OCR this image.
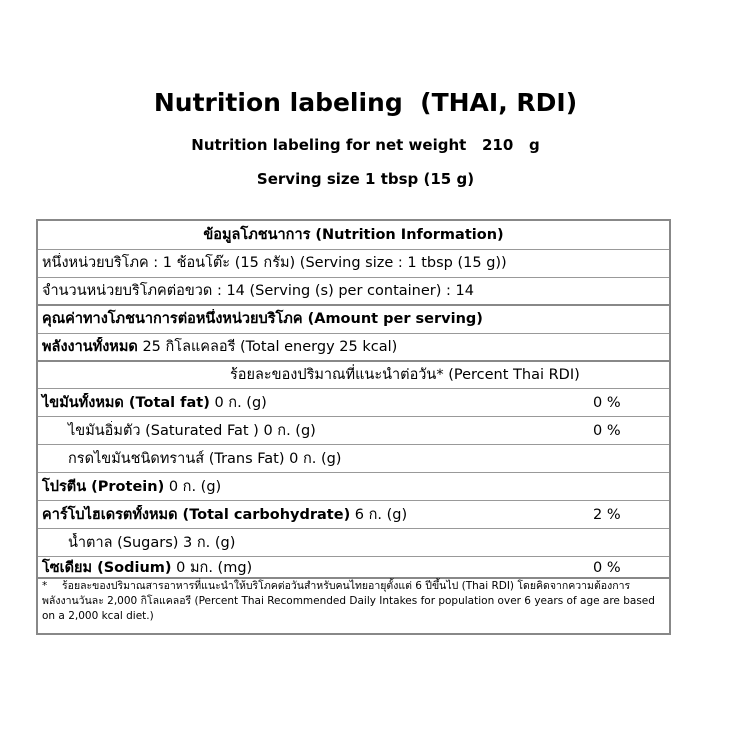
Nutrition labeling  (THAI, RDI)
Nutrition labeling for net weight   210   g
Serving size 1 tbsp (15 g)
ข้อมูลโภชนาการ (Nutrition Information)
หนึ่งหน่วยบริโภค : 1 ช้อนโต๊ะ (15 กรัม) (Serving size : 1 tbsp (15 g))
จำนวนหน่วยบริโภคต่อขวด : 14 (Serving (s) per container) : 14
คุณค่าทางโภชนาการต่อหนึ่งหน่วยบริโภค (Amount per serving)
พลังงานทั้งหมด 25 กิโลแคลอรี (Total energy 25 kcal)
ร้อยละของปริมาณที่แนะนำต่อวัน* (Percent Thai RDI)
ไขมันทั้งหมด (Total fat) 0 ก. (g)	0 %
ไขมันอิ่มตัว (Saturated Fat ) 0 ก. (g)	0 %
กรดไขมันชนิดทรานส์ (Trans Fat) 0 ก. (g)
โปรตีน (Protein) 0 ก. (g)
คาร์โบไฮเดรตทั้งหมด (Total carbohydrate) 6 ก. (g)	2 %
น้ำตาล (Sugars) 3 ก. (g)
โซเดียม (Sodium) 0 มก. (mg)	0 %
* ร้อยละของปริมาณสารอาหารที่แนะนำให้บริโภคต่อวันสำหรับคนไทยอายุตั้งแต่ 6 ปีขึ้นไป (Thai RDI) โดยคิดจากความต้องการพลังงานวันละ 2,000 กิโลแคลอรี (Percent Thai Recommended Daily Intakes for population over 6 years of age are based on a 2,000 kcal diet.)
